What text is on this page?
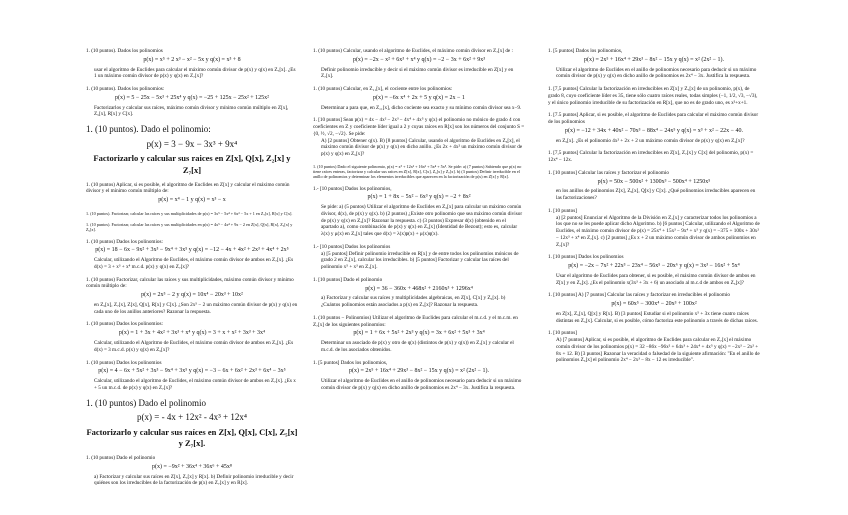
1. (10 puntos). Dados los polinomios
p(x) = x⁵ + 2 x³ − x² − 5x y q(x) = x³ + 8
usar el algoritmo de Euclides para calcular el máximo común divisor de p(x) y q(x) en Z₇[x]. ¿Es 1 un máximo común divisor de p(x) y q(x) en Z₇[x]?
1. (10 puntos). Dados los polinomios:
p(x) = 5 − 25x − 5x³ + 25x⁴ y q(x) = −25 + 125x − 25x² + 125x²
Factorizarlos y calcular sus raíces, máximo común divisor y mínimo común múltiplo en Z[x], Z₅[x], R[x] y C[x].
1. (10 puntos). Dado el polinomio:
p(x) = 3 − 9x − 3x³ + 9x⁴
Factorizarlo y calcular sus raices en Z[x], Q[x], Z₂[x] y Z₇[x]
1. (10 puntos) Aplicar, si es posible, el algoritmo de Euclides en Z[x] y calcular el máximo común divisor y el mínimo común múltiplo de:
p(x) = x⁴ − 1 y q(x) = x³ − x
1. (10 puntos). Factorizar, calcular las raíces y sus multiplicidades de p(x) = 3x⁵ − 5x⁴ + 6x³ − 5x + 1 en Z₇[x], R[x] y C[x].
1. (10 puntos). Factorizar, calcular las raíces y sus multiplicidades en p(x) = 4x⁵ − 4x⁴ + 9x − 2 en Z[x], Q[x], R[x], Z₃[x] y Z₅[x].
1. (10 puntos) Dados los polinomios:
p(x) = 18 − 6x − 9x² + 3x³ − 9x⁴ + 3x⁵ y q(x) = −12 − 4x + 4x² + 2x³ + 4x⁴ + 2x⁵
Calcular, utilizando el Algoritmo de Euclides, el máximo común divisor de ambos en Z₇[x]. ¿Es d(x) = 3 + x³ + x⁴ m.c.d. p(x) y q(x) en Z₇[x]?
1. (10 puntos) Factorizar, calcular las raíces y sus multiplicidades, máximo común divisor y mínimo común múltiplo de:
p(x) = 2x⁵ − 2 y q(x) = 10x⁴ − 20x³ + 10x²
en Z₅[x], Z₇[x], Z[x], Q[x], R[x] y C[x]. ¿Son 2x⁵ − 2 un máximo común divisor de p(x) y q(x) en cada uno de los anillos anteriores? Razonar la respuesta.
1. (10 puntos) Dados los polinomios:
p(x) = 1 + 3x + 4x² + 3x³ + x⁴ y q(x) = 3 + x + x² + 3x³ + 3x⁴
Calcular, utilizando el Algoritmo de Euclides, el máximo común divisor de ambos en Z₅[x]. ¿Es d(x) = 3 m.c.d. p(x) y q(x) en Z₅[x]?
1. (10 puntos) Dados los polinomios
p(x) = 4 − 6x + 5x² + 3x³ − 9x⁴ + 3x⁵ y q(x) = −3 − 6x + 6x² + 2x³ + 6x⁴ − 3x⁵
Calcular, utilizando el algoritmo de Euclides, el máximo común divisor de ambos en Z₇[x]. ¿Es x + 5 un m.c.d. de p(x) y q(x) en Z₇[x]?
1. (10 puntos) Dado el polinomio
p(x) = - 4x + 12x² - 4x³ + 12x⁴
Factorizarlo y calcular sus raíces en Z[x], Q[x], C[x], Z₅[x] y Z₇[x].
1. (10 puntos) Dado el polinomio
p(x) = −9x² + 36x⁴ + 36x⁶ + 45x⁸
a) Factorizar y calcular sus raíces en Z[x], Z₇[x] y R[x]. b) Definir polinomio irreducible y decir quiénes son los irreducibles de la factorización de p(x) en Z₇[x] y en R[x].
1. (10 puntos) Calcular, usando el algoritmo de Euclides, el máximo común divisor en Z₇[x] de :
p(x) = −2x − x² + 6x³ + x⁴ y q(x) = −2 − 3x + 6x² + 9x³
Definir polinomio irreducible y decir si el máximo común divisor es irreducible en Z[x] y en Z₇[x].
1. (10 puntos) Calcular, en Z₁₁[x], el cociente entre los polinomios:
p(x) = −6x x⁴ + 2x + 5 y q(x) = 2x − 1
Determinar a para que, en Z₁₁[x], dicho cociente sea exacto y su mínimo común divisor sea x−9.
1. [10 puntos] Sean p(x) = 4x − 4x² − 2x³ − 4x⁴ + 4x⁵ y q(x) el polinomio no mónico de grado 4 con coeficientes en Z y coeficiente líder igual a 2 y cuyas raíces en R[x] son los números del conjunto S = {0, ½, √2, −√2}. Se pide:
A) [2 puntos] Obtener q(x). B) [8 puntos] Calcular, usando el algoritmo de Euclides en Z₅[x], el máximo común divisor de p(x) y q(x) en dicho anillo. ¿Es 2x + 4x² un máximo común divisor de p(x) y q(x) en Z₅[x]?
1. (10 puntos) Dado el siguiente polinomio, p(x) = x⁵ + 12x² + 16x³ + 5x⁴ + 5x⁵. Se pide: a) (7 puntos) Sabiendo que p(x) no tiene raíces enteras, factorizar y calcular sus raíces en Z[x], R[x], C[x], Z₅[x] y Z₇[x]. b) (3 puntos) Definir irreducible en el anillo de polinomios y determinar los elementos irreducibles que aparecen en la factorización de p(x) en Z[x] y R[x].
1.- [10 puntos] Dados los polinomios,
p(x) = 1 + 8x − 5x² − 6x³ y q(x) = −2 + 8x²
Se pide: a) (5 puntos) Utilizar el algoritmo de Euclides en Z₅[x] para calcular un máximo común divisor, d(x), de p(x) y q(x). b) (2 puntos) ¿Existe otro polinomio que sea máximo común divisor de p(x) y q(x) en Z₅[x]? Razonar la respuesta. c) (3 puntos) Expresar d(x) (obtenido en el apartado a), como combinación de p(x) y q(x) en Z₅[x] (Identidad de Bezout); esto es, calcular λ(x) y μ(x) en Z₅[x] tales que d(x) = λ(x)p(x) + μ(x)q(x).
1.- [10 puntos] Dados los polinomios
a) [5 puntos] Definir polinomio irreducible en R[x] y de entre todos los polinomios mónicos de grado 2 en Z₇[x], calcular los irreducibles. b) [5 puntos] Factorizar y calcular las raíces del polinomio x⁵ + x³ en Z₇[x].
1. [10 puntos] Dado el polinomio
p(x) = 36 − 360x + 468x² + 2160x³ + 1296x⁴
a) Factorizar y calcular sus raíces y multiplicidades algebraicas, en Z[x], C[x] y Z₅[x]. b) ¿Cuántos polinomios están asociados a p(x) en Z₇[x]? Razonar la respuesta.
1. (10 puntos − Polinomios) Utilizar el algoritmo de Euclides para calcular el m.c.d. y el m.c.m. en Z₇[x] de los siguientes polinomios:
p(x) = 1 + 6x + 5x² + 2x³ y q(x) = 3x + 6x² + 5x³ + 3x⁴
Determinar un asociado de p(x) y otro de q(x) (distintos de p(x) y q(x)) en Z₇[x] y calcular el m.c.d. de los asociados obtenidos.
1. [5 puntos] Dados los polinomios,
p(x) = 2x⁵ + 16x⁴ + 29x³ − 8x² − 15x y q(x) = x² (2x² − 1).
Utilizar el algoritmo de Euclides en el anillo de polinomios necesario para deducir si un máximo común divisor de p(x) y q(x) en dicho anillo de polinomios es 2x⁴ − 3x. Justifica la respuesta.
1. [5 puntos] Dados los polinomios,
p(x) = 2x⁵ + 16x⁴ + 29x³ − 8x² − 15x y q(x) = x² (2x² − 1).
Utilizar el algoritmo de Euclides en el anillo de polinomios necesario para deducir si un máximo común divisor de p(x) y q(x) en dicho anillo de polinomios es 2x⁴ − 3x. Justifica la respuesta.
1. [7,5 puntos] Calcular la factorización en irreducibles en Z[x] y Z₇[x] de un polinomio, p(x), de grado 8, cuyo coeficiente líder es 35, tiene sólo cuatro raíces reales, todas simples (−1, 1/2, √3, −√3), y el único polinomio irreducible de su factorización en R[x], que no es de grado uno, es x²+x+1.
1. [7.5 puntos] Aplicar, si es posible, el algoritmo de Euclides para calcular el máximo común divisor de los polinomios
p(x) = −12 + 34x + 40x² − 70x³ − 88x⁴ − 24x⁵ y q(x) = x³ + x² − 22x − 40.
en Z₅[x]. ¿Es el polinomio 4x² + 2x + 2 un máximo común divisor de p(x) y q(x) en Z₅[x]?
1. [7,5 puntos] Calcular la factorización en irreducibles en Z[x], Z₇[x] y C[x] del polinomio, p(x) = 12x⁴ − 12x.
1. [10 puntos] Calcular las raíces y factorizar el polinomio
p(x) = 50x − 500x² + 1300x³ − 500x⁴ + 1250x⁵
en los anillos de polinomios Z[x], Z₅[x], Q[x] y C[x]. ¿Qué polinomios irreducibles aparecen en las factorizaciones?
1. [10 puntos]
a) [2 puntos] Enunciar el Algoritmo de la División en Z₇[x] y caracterizar todos los polinomios a los que no se les puede aplicar dicho Algoritmo. b) [6 puntos] Calcular, utilizando el Algoritmo de Euclides, el máximo común divisor de p(x) = 25x⁴ + 15x³ − 9x⁴ + x⁵ y q(x) = −375 + 100x + 30x² − 12x³ + x⁴ en Z₇[x]. c) [2 puntos] ¿Es x + 2 un máximo común divisor de ambos polinomios en Z₇[x]?
1. [10 puntos] Dados los polinomios
p(x) = −2x − 7x² + 22x³ − 23x⁴ − 56x⁵ − 20x⁶ y q(x) = 3x³ − 16x² + 5x⁴
Usar el algoritmo de Euclides para obtener, si es posible, el máximo común divisor de ambos en Z[x] y en Z₅[x]. ¿Es el polinomio x(3x³ + 3x + 6) un asociado al m.c.d de ambos en Z₅[x]?
1. [10 puntos] A) [7 puntos] Calcular las raíces y factorizar en irreducibles el polinomio
p(x) = 60x⁵ − 300x⁴ − 20x³ + 100x²
en Z[x], Z₅[x], Q[x] y R[x]. B) [3 puntos] Estudiar si el polinomio x⁵ + 3x tiene cuatro raíces distintas en Z₅[x]. Calcular, si es posible, cómo factoriza este polinomio a través de dichas raíces.
1. [10 puntos]
A) [7 puntos] Aplicar, si es posible, el algoritmo de Euclides para calcular en Z₇[x] el máximo común divisor de los polinomios p(x) = 32 −86x −96x² + 64x³ + 24x⁴ + 4x⁵ y q(x) = −2x³ − 2x² + 8x + 12. B) [3 puntos] Razonar la veracidad o falsedad de la siguiente afirmación: "En el anillo de polinomios Z₅[x] el polinomio 2x⁴ − 2x³ − 8x − 12 es irreducible".
